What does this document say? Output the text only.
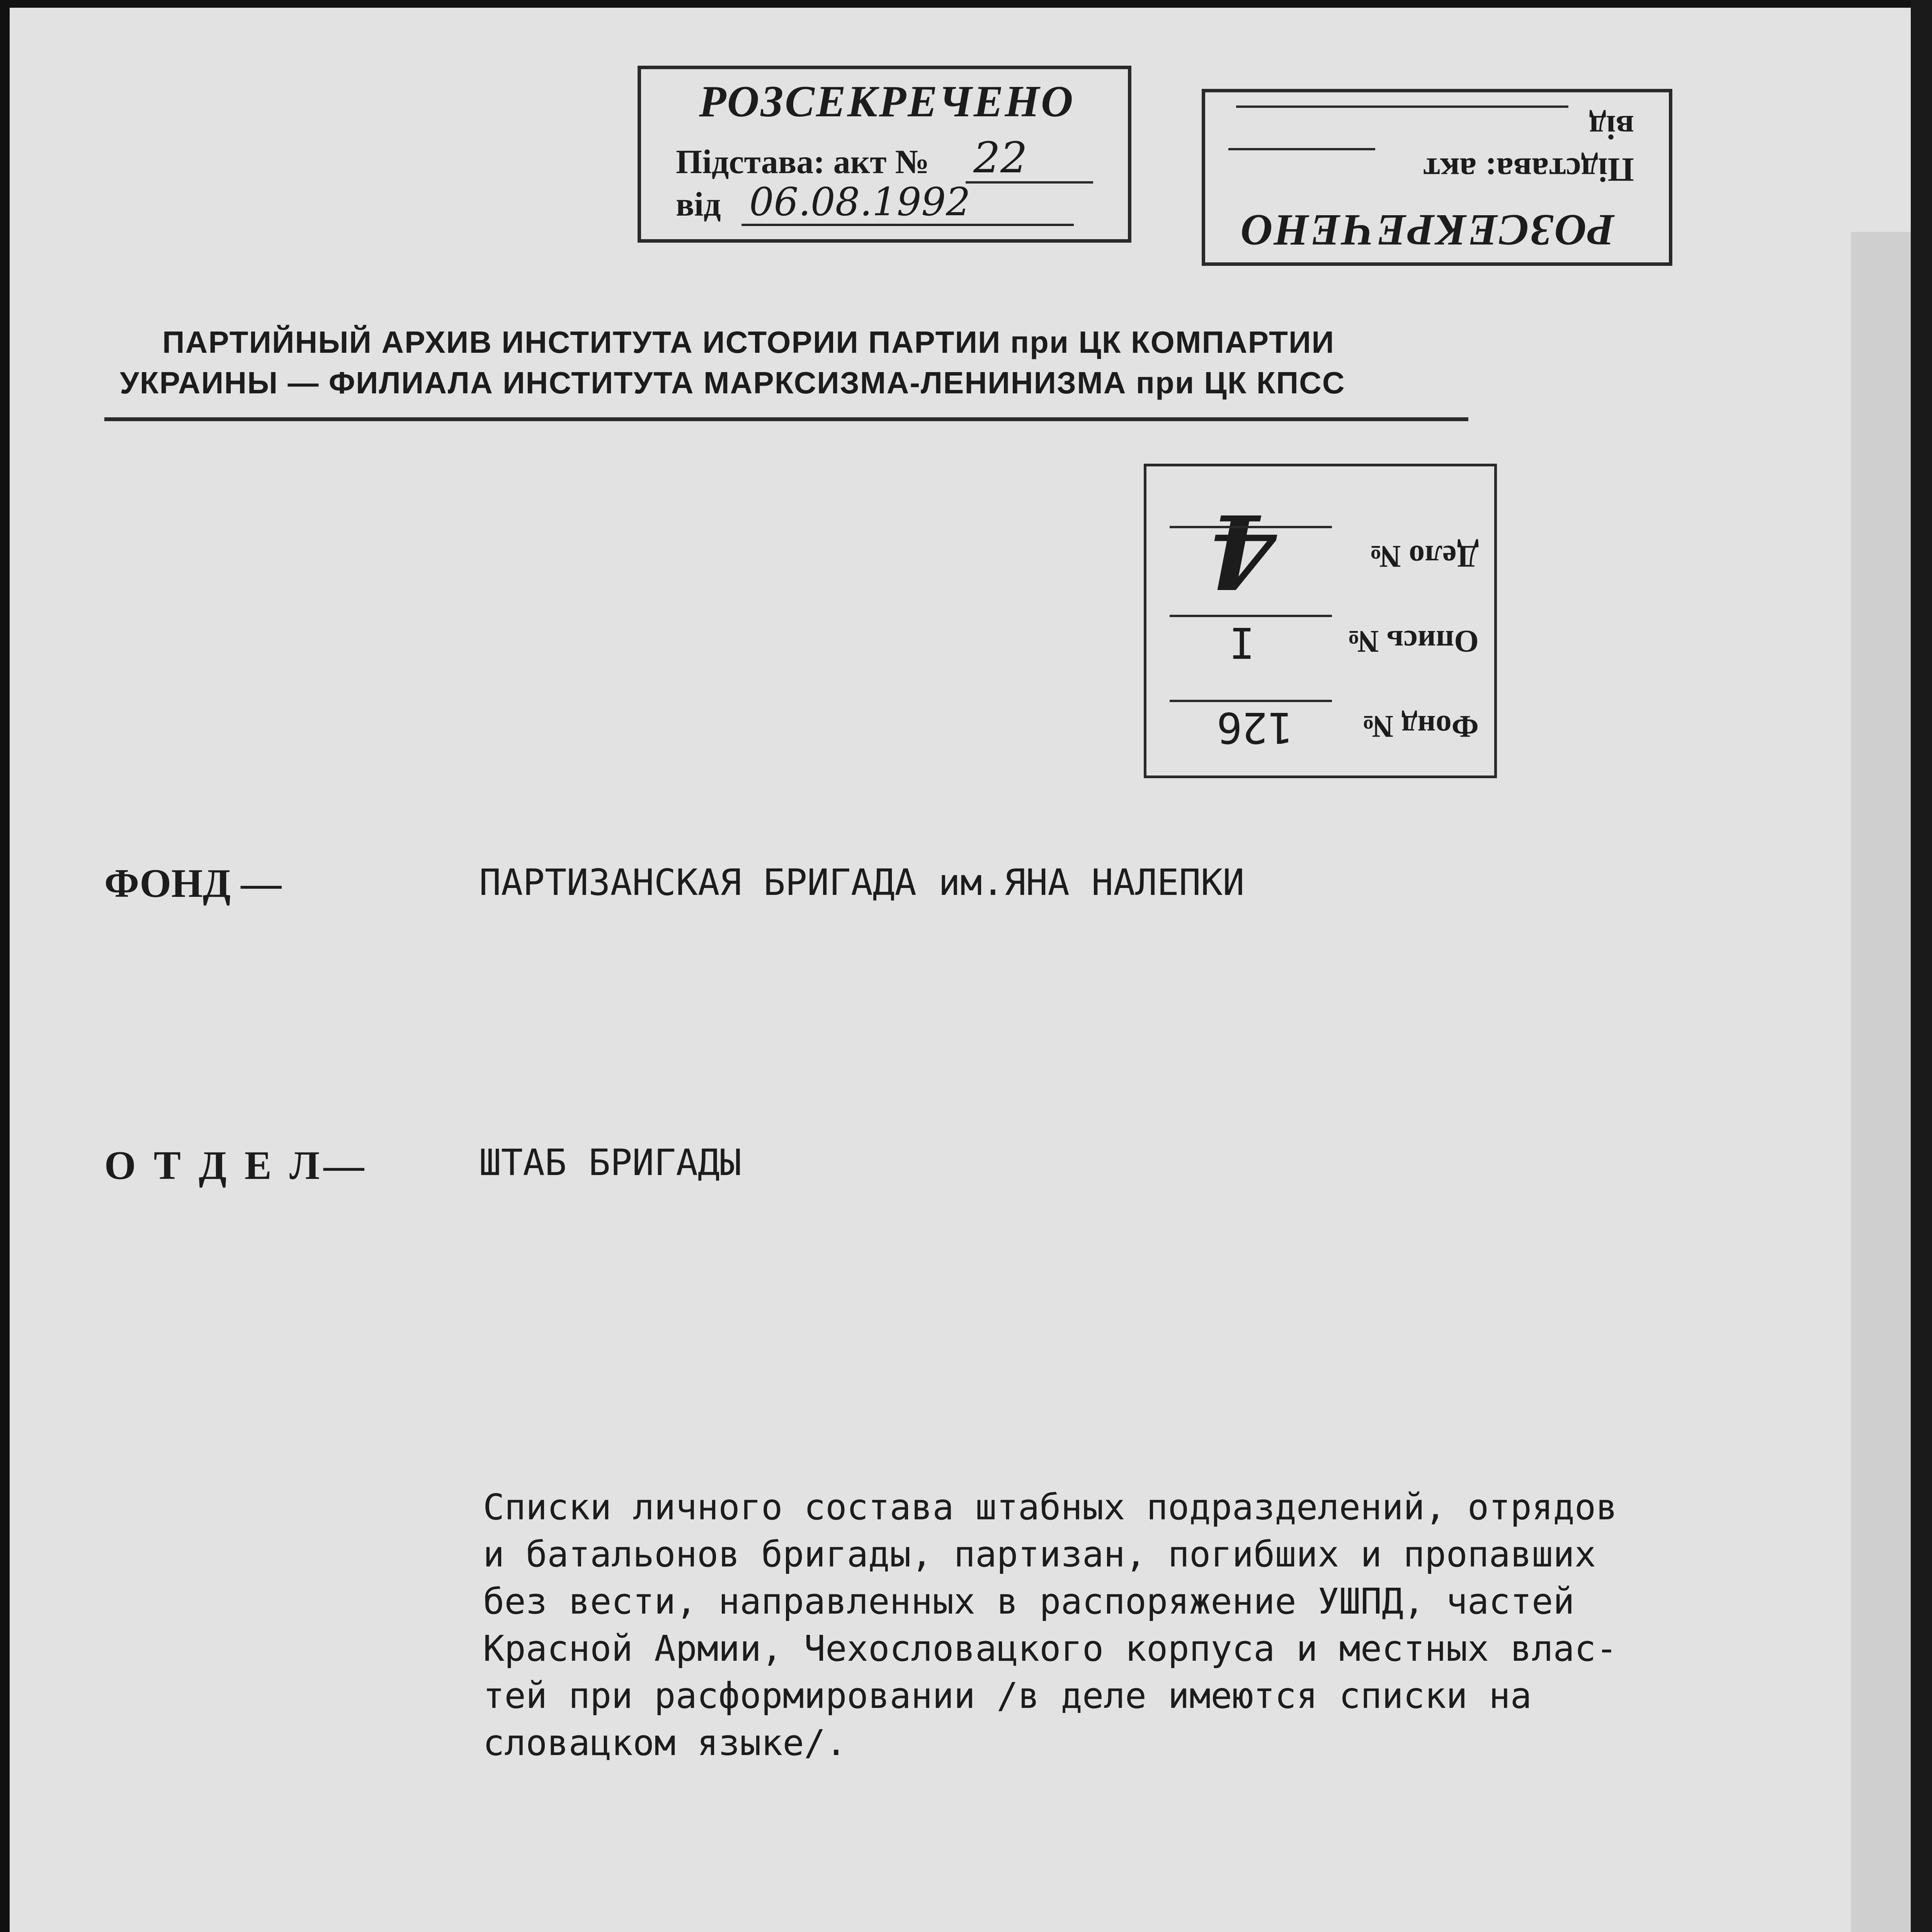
РОЗСЕКРЕЧЕНО
Підстава: акт № 22
від 06.08.1992
РОЗСЕКРЕЧЕНО
Підстава: акт
від
ПАРТИЙНЫЙ АРХИВ ИНСТИТУТА ИСТОРИИ ПАРТИИ при ЦК КОМПАРТИИ
УКРАИНЫ — ФИЛИАЛА ИНСТИТУТА МАРКСИЗМА-ЛЕНИНИЗМА при ЦК КПСС
Фонд №
126
Опись №
I
Дело №
4
ФОНД —	ПАРТИЗАНСКАЯ БРИГАДА им.ЯНА НАЛЕПКИ
О Т Д Е Л—	ШТАБ БРИГАДЫ
Списки личного состава штабных подразделений, отрядов
и батальонов бригады, партизан, погибших и пропавших
без вести, направленных в распоряжение УШПД, частей
Красной Армии, Чехословацкого корпуса и местных влас-
тей при расформировании /в деле имеются списки на
словацком языке/.
